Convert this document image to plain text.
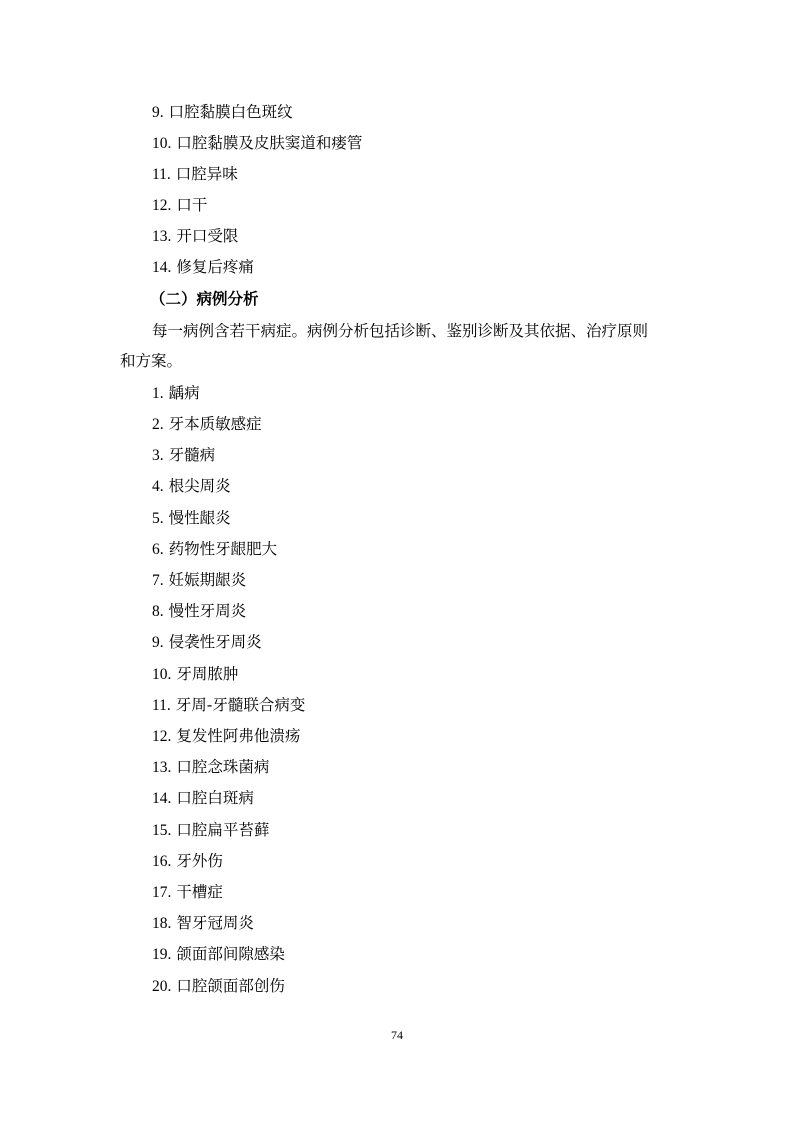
9. 口腔黏膜白色斑纹
10. 口腔黏膜及皮肤窦道和瘘管
11. 口腔异味
12. 口干
13. 开口受限
14. 修复后疼痛
（二）病例分析
每一病例含若干病症。病例分析包括诊断、鉴别诊断及其依据、治疗原则
和方案。
1. 龋病
2. 牙本质敏感症
3. 牙髓病
4. 根尖周炎
5. 慢性龈炎
6. 药物性牙龈肥大
7. 妊娠期龈炎
8. 慢性牙周炎
9. 侵袭性牙周炎
10. 牙周脓肿
11. 牙周-牙髓联合病变
12. 复发性阿弗他溃疡
13. 口腔念珠菌病
14. 口腔白斑病
15. 口腔扁平苔藓
16. 牙外伤
17. 干槽症
18. 智牙冠周炎
19. 颌面部间隙感染
20. 口腔颌面部创伤
74
